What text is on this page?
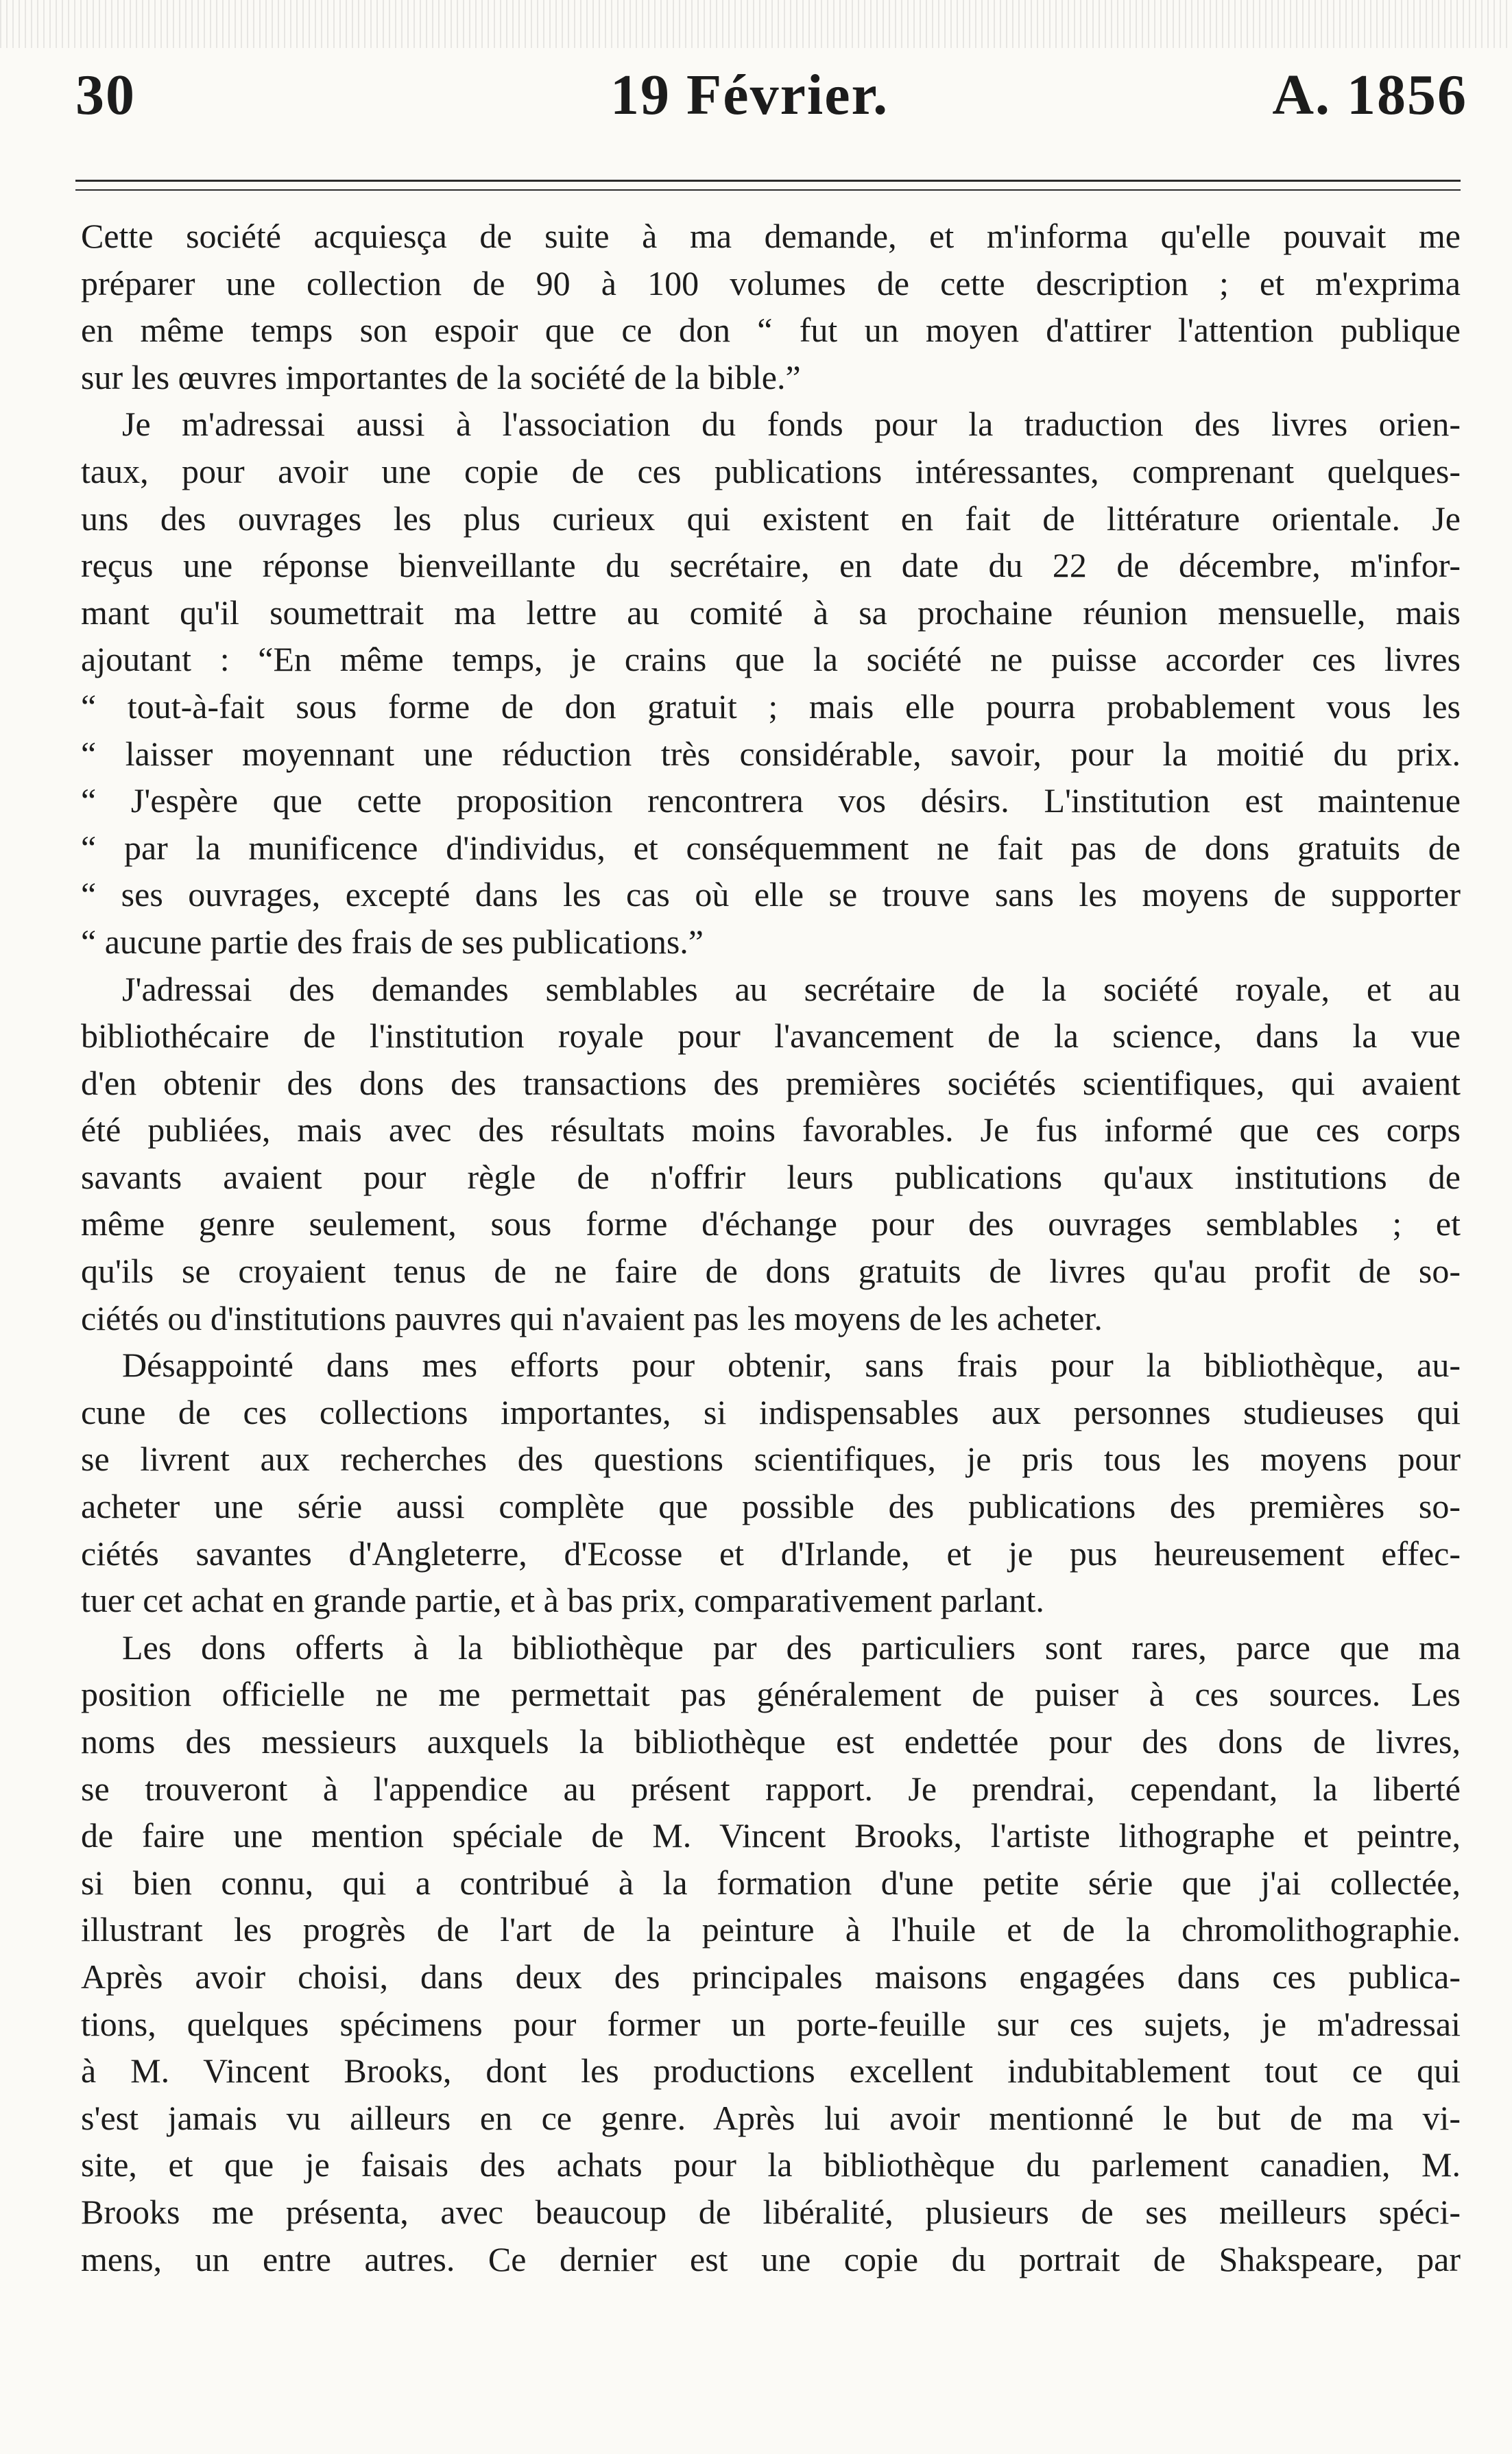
30	19 Février.	A. 1856
Cette société acquiesça de suite à ma demande, et m'informa qu'elle pouvait me
préparer une collection de 90 à 100 volumes de cette description ; et m'exprima
en même temps son espoir que ce don “ fut un moyen d'attirer l'attention publique
sur les œuvres importantes de la société de la bible.”
Je m'adressai aussi à l'association du fonds pour la traduction des livres orien-
taux, pour avoir une copie de ces publications intéressantes, comprenant quelques-
uns des ouvrages les plus curieux qui existent en fait de littérature orientale. Je
reçus une réponse bienveillante du secrétaire, en date du 22 de décembre, m'infor-
mant qu'il soumettrait ma lettre au comité à sa prochaine réunion mensuelle, mais
ajoutant : “En même temps, je crains que la société ne puisse accorder ces livres
“ tout-à-fait sous forme de don gratuit ; mais elle pourra probablement vous les
“ laisser moyennant une réduction très considérable, savoir, pour la moitié du prix.
“ J'espère que cette proposition rencontrera vos désirs. L'institution est maintenue
“ par la munificence d'individus, et conséquemment ne fait pas de dons gratuits de
“ ses ouvrages, excepté dans les cas où elle se trouve sans les moyens de supporter
“ aucune partie des frais de ses publications.”
J'adressai des demandes semblables au secrétaire de la société royale, et au
bibliothécaire de l'institution royale pour l'avancement de la science, dans la vue
d'en obtenir des dons des transactions des premières sociétés scientifiques, qui avaient
été publiées, mais avec des résultats moins favorables. Je fus informé que ces corps
savants avaient pour règle de n'offrir leurs publications qu'aux institutions de
même genre seulement, sous forme d'échange pour des ouvrages semblables ; et
qu'ils se croyaient tenus de ne faire de dons gratuits de livres qu'au profit de so-
ciétés ou d'institutions pauvres qui n'avaient pas les moyens de les acheter.
Désappointé dans mes efforts pour obtenir, sans frais pour la bibliothèque, au-
cune de ces collections importantes, si indispensables aux personnes studieuses qui
se livrent aux recherches des questions scientifiques, je pris tous les moyens pour
acheter une série aussi complète que possible des publications des premières so-
ciétés savantes d'Angleterre, d'Ecosse et d'Irlande, et je pus heureusement effec-
tuer cet achat en grande partie, et à bas prix, comparativement parlant.
Les dons offerts à la bibliothèque par des particuliers sont rares, parce que ma
position officielle ne me permettait pas généralement de puiser à ces sources. Les
noms des messieurs auxquels la bibliothèque est endettée pour des dons de livres,
se trouveront à l'appendice au présent rapport. Je prendrai, cependant, la liberté
de faire une mention spéciale de M. Vincent Brooks, l'artiste lithographe et peintre,
si bien connu, qui a contribué à la formation d'une petite série que j'ai collectée,
illustrant les progrès de l'art de la peinture à l'huile et de la chromolithographie.
Après avoir choisi, dans deux des principales maisons engagées dans ces publica-
tions, quelques spécimens pour former un porte-feuille sur ces sujets, je m'adressai
à M. Vincent Brooks, dont les productions excellent indubitablement tout ce qui
s'est jamais vu ailleurs en ce genre. Après lui avoir mentionné le but de ma vi-
site, et que je faisais des achats pour la bibliothèque du parlement canadien, M.
Brooks me présenta, avec beaucoup de libéralité, plusieurs de ses meilleurs spéci-
mens, un entre autres. Ce dernier est une copie du portrait de Shakspeare, par
